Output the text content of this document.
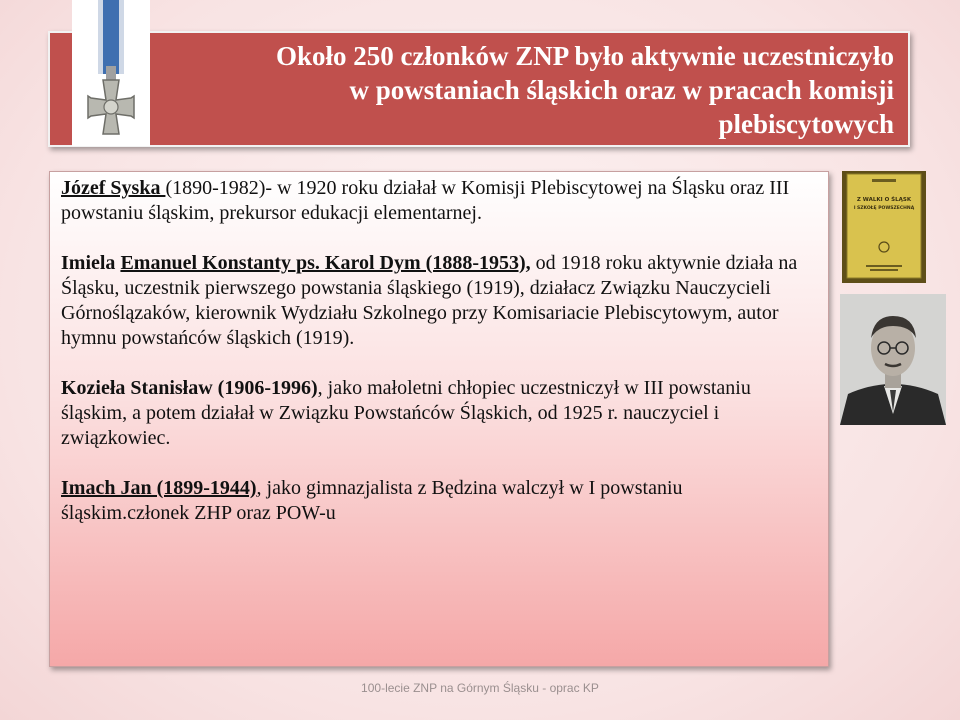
Około 250 członków ZNP było aktywnie uczestniczyło
w powstaniach śląskich oraz w pracach komisji
plebiscytowych

Józef Syska (1890-1982)- w 1920 roku działał w Komisji Plebiscytowej na Śląsku oraz III powstaniu śląskim, prekursor edukacji elementarnej.

Imiela Emanuel Konstanty ps. Karol Dym (1888-1953), od 1918 roku aktywnie działa na Śląsku, uczestnik pierwszego powstania śląskiego (1919), działacz Związku Nauczycieli Górnoślązaków, kierownik Wydziału Szkolnego przy Komisariacie Plebiscytowym, autor hymnu powstańców śląskich (1919).

Koziełа Stanisław (1906-1996), jako małoletni chłopiec uczestniczył w III powstaniu śląskim, a potem działał w Związku Powstańców Śląskich, od 1925 r. nauczyciel i związkowiec.

Imach Jan (1899-1944), jako gimnazjalista z Będzina walczył w I powstaniu śląskim.członek ZHP oraz POW-u

Z WALKI O ŚLĄSK
I SZKOŁĘ POWSZECHNĄ
100-lecie ZNP na Górnym Śląsku - oprac KP
